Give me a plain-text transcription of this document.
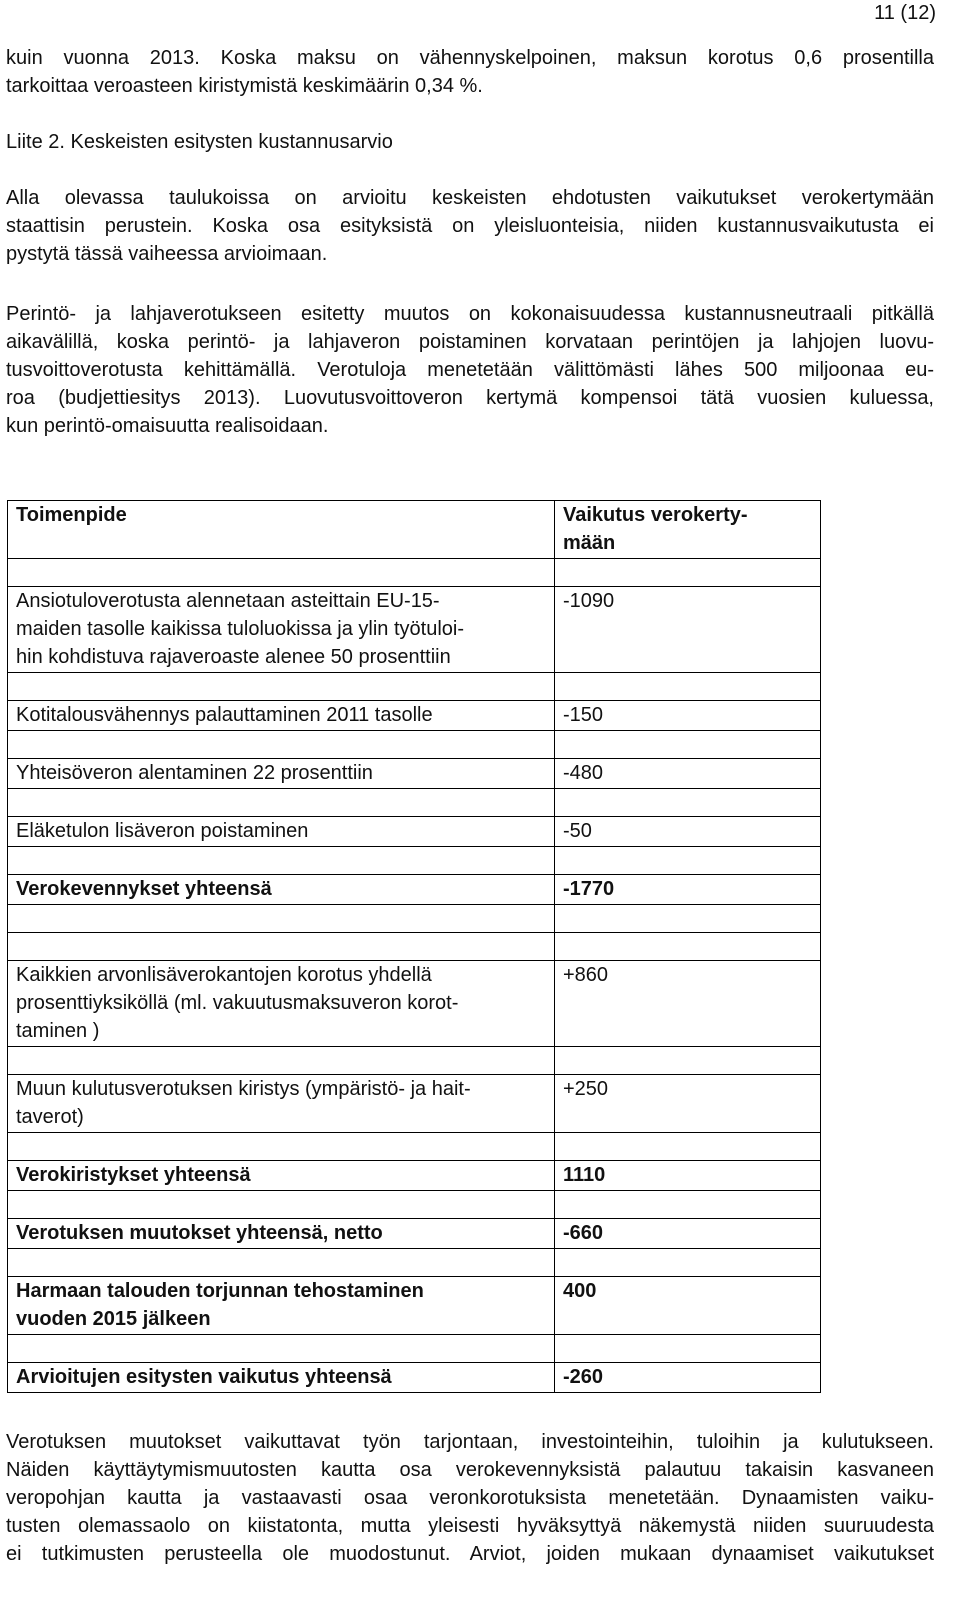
11 (12)

kuin vuonna 2013. Koska maksu on vähennyskelpoinen, maksun korotus 0,6 prosentilla
tarkoittaa veroasteen kiristymistä keskimäärin 0,34 %.

Liite 2. Keskeisten esitysten kustannusarvio

Alla olevassa taulukoissa on arvioitu keskeisten ehdotusten vaikutukset verokertymään
staattisin perustein. Koska osa esityksistä on yleisluonteisia, niiden kustannusvaikutusta ei
pystytä tässä vaiheessa arvioimaan.

Perintö- ja lahjaverotukseen esitetty muutos on kokonaisuudessa kustannusneutraali pitkällä
aikavälillä, koska perintö- ja lahjaveron poistaminen korvataan perintöjen ja lahjojen luovu-
tusvoittoverotusta kehittämällä. Verotuloja menetetään välittömästi lähes 500 miljoonaa eu-
roa (budjettiesitys 2013). Luovutusvoittoveron kertymä kompensoi tätä vuosien kuluessa,
kun perintö-omaisuutta realisoidaan.

Toimenpide	Vaikutus verokerty-
mään

Ansiotuloverotusta alennetaan asteittain EU-15-
maiden tasolle kaikissa tuloluokissa ja ylin työtuloi-
hin kohdistuva rajaveroaste alenee 50 prosenttiin	-1090

Kotitalousvähennys palauttaminen 2011 tasolle	-150

Yhteisöveron alentaminen 22 prosenttiin	-480

Eläketulon lisäveron poistaminen	-50

Verokevennykset yhteensä	-1770

Kaikkien arvonlisäverokantojen korotus yhdellä
prosenttiyksiköllä (ml. vakuutusmaksuveron korot-
taminen )	+860

Muun kulutusverotuksen kiristys (ympäristö- ja hait-
taverot)	+250

Verokiristykset yhteensä	1110

Verotuksen muutokset yhteensä, netto	-660

Harmaan talouden torjunnan tehostaminen
vuoden 2015 jälkeen	400

Arvioitujen esitysten vaikutus yhteensä	-260

Verotuksen muutokset vaikuttavat työn tarjontaan, investointeihin, tuloihin ja kulutukseen.
Näiden käyttäytymismuutosten kautta osa verokevennyksistä palautuu takaisin kasvaneen
veropohjan kautta ja vastaavasti osaa veronkorotuksista menetetään. Dynaamisten vaiku-
tusten olemassaolo on kiistatonta, mutta yleisesti hyväksyttyä näkemystä niiden suuruudesta
ei tutkimusten perusteella ole muodostunut. Arviot, joiden mukaan dynaamiset vaikutukset
